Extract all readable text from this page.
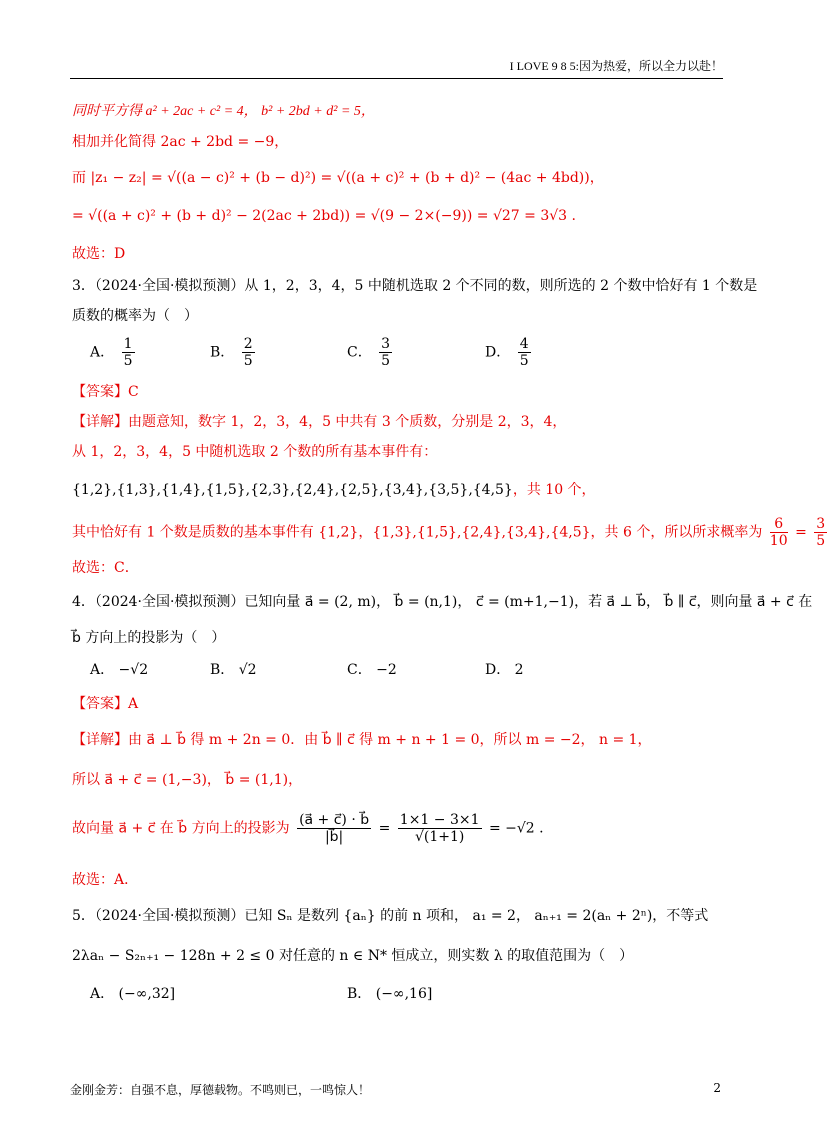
I LOVE 9 8 5:因为热爱，所以全力以赴！
同时平方得 a² + 2ac + c² = 4， b² + 2bd + d² = 5，
相加并化简得 2ac + 2bd = −9，
而 |z₁ − z₂| = √((a − c)² + (b − d)²) = √((a + c)² + (b + d)² − (4ac + 4bd))，
= √((a + c)² + (b + d)² − 2(2ac + 2bd)) = √(9 − 2×(−9)) = √27 = 3√3 .
故选：D
3．（2024·全国·模拟预测）从 1，2，3，4，5 中随机选取 2 个不同的数，则所选的 2 个数中恰好有 1 个数是
质数的概率为（　）
A． $\frac{1}{5}$	B． $\frac{2}{5}$	C． $\frac{3}{5}$	D． $\frac{4}{5}$
【答案】C
【详解】由题意知，数字 1，2，3，4，5 中共有 3 个质数，分别是 2，3，4，
从 1，2，3，4，5 中随机选取 2 个数的所有基本事件有：
{1,2},{1,3},{1,4},{1,5},{2,3},{2,4},{2,5},{3,4},{3,5},{4,5}，共 10 个，
其中恰好有 1 个数是质数的基本事件有 {1,2}，{1,3},{1,5},{2,4},{3,4},{4,5}，共 6 个，所以所求概率为 $\frac{6}{10} = \frac{3}{5}$
故选：C．
4．（2024·全国·模拟预测）已知向量 a⃗ = (2, m)， b⃗ = (n,1)， c⃗ = (m+1,−1)，若 a⃗ ⊥ b⃗， b⃗ ∥ c⃗，则向量 a⃗ + c⃗ 在
b⃗ 方向上的投影为（　）
A． −√2	B． √2	C． −2	D． 2
【答案】A
【详解】由 a⃗ ⊥ b⃗ 得 m + 2n = 0．由 b⃗ ∥ c⃗ 得 m + n + 1 = 0，所以 m = −2， n = 1，
所以 a⃗ + c⃗ = (1,−3)， b⃗ = (1,1)，
故向量 a⃗ + c⃗ 在 b⃗ 方向上的投影为 $\frac{(a⃗ + c⃗) \cdot b⃗}{|b⃗|} = \frac{1\times 1 - 3\times 1}{√(1+1)} = -√2$ .
故选：A．
5．（2024·全国·模拟预测）已知 Sₙ 是数列 {aₙ} 的前 n 项和， a₁ = 2， aₙ₊₁ = 2(aₙ + 2ⁿ)，不等式
2λaₙ − S₂ₙ₊₁ − 128n + 2 ≤ 0 对任意的 n ∈ N* 恒成立，则实数 λ 的取值范围为（　）
A． (−∞,32]	B． (−∞,16]
金刚金芳：自强不息，厚德载物。不鸣则已，一鸣惊人！	2
